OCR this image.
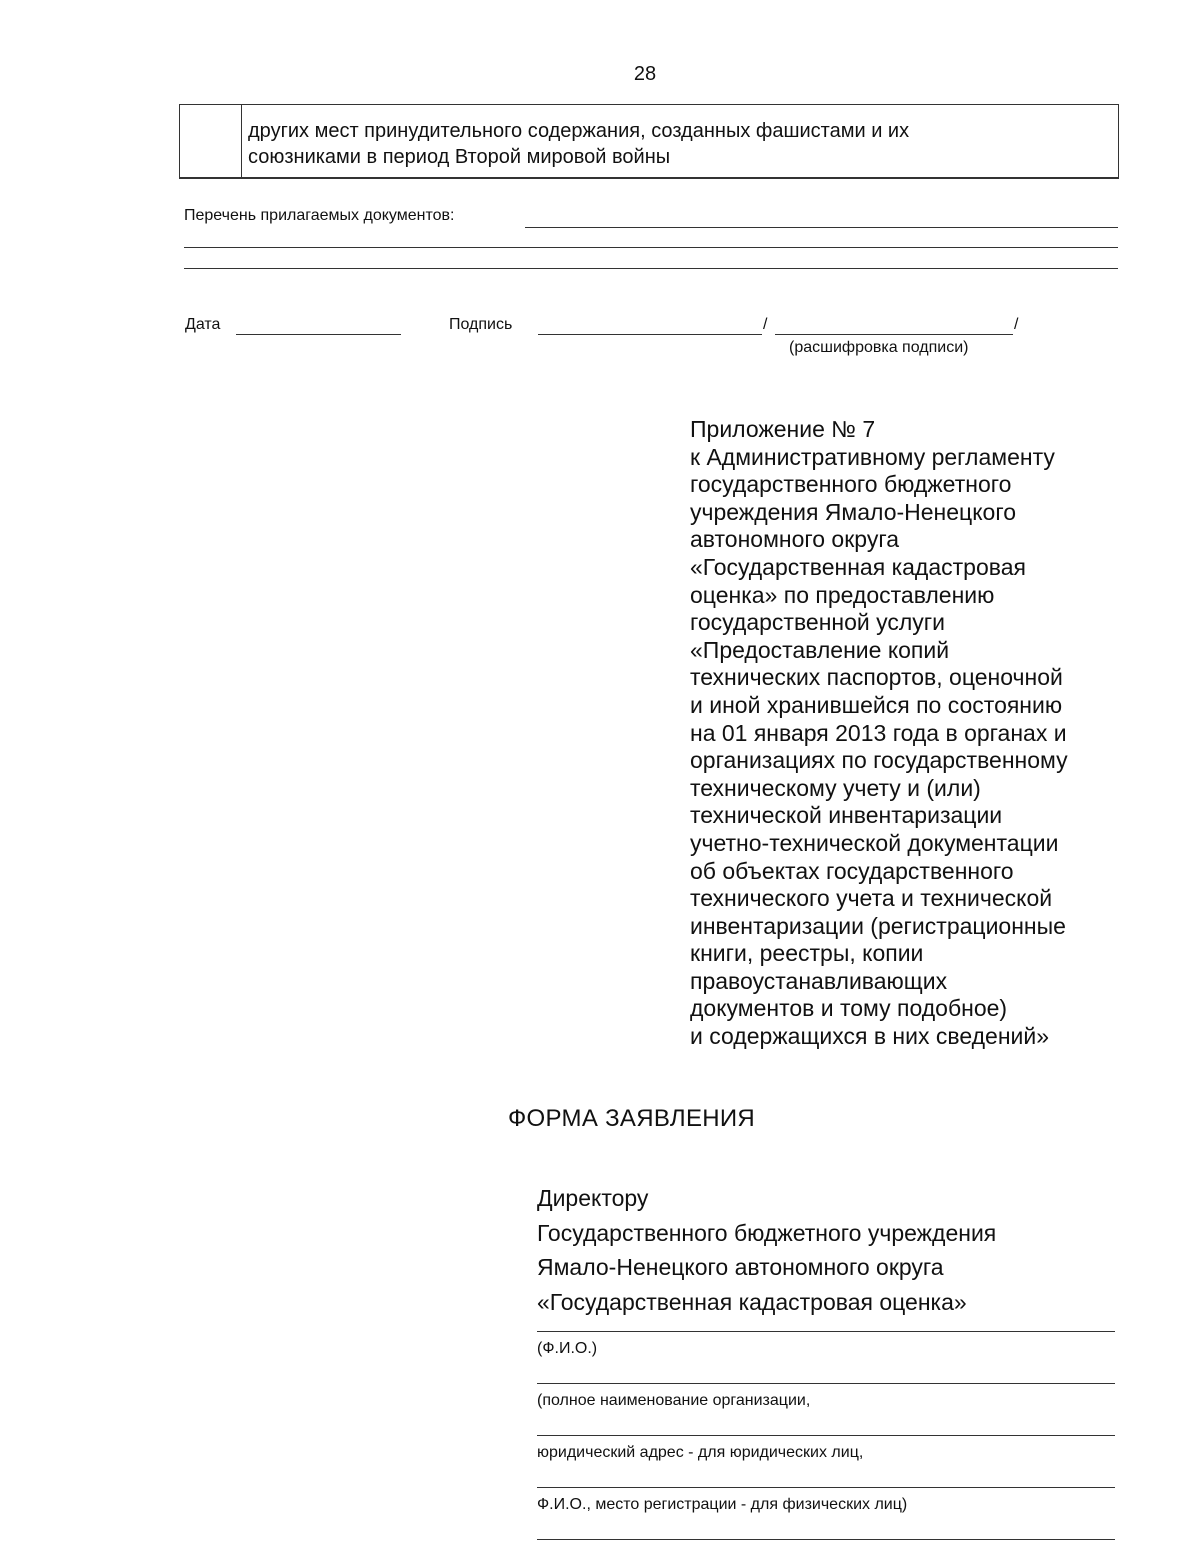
28
других мест принудительного содержания, созданных фашистами и их
союзниками в период Второй мировой войны
Перечень прилагаемых документов:
Дата	Подпись	/	/
(расшифровка подписи)
Приложение № 7
к Административному регламенту
государственного бюджетного
учреждения Ямало-Ненецкого
автономного округа
«Государственная кадастровая
оценка» по предоставлению
государственной услуги
«Предоставление копий
технических паспортов, оценочной
и иной хранившейся по состоянию
на 01 января 2013 года в органах и
организациях по государственному
техническому учету и (или)
технической инвентаризации
учетно-технической документации
об объектах государственного
технического учета и технической
инвентаризации (регистрационные
книги, реестры, копии
правоустанавливающих
документов и тому подобное)
и содержащихся в них сведений»
ФОРМА ЗАЯВЛЕНИЯ
Директору
Государственного бюджетного учреждения
Ямало-Ненецкого автономного округа
«Государственная кадастровая оценка»
(Ф.И.О.)
(полное наименование организации,
юридический адрес - для юридических лиц,
Ф.И.О., место регистрации - для физических лиц)
